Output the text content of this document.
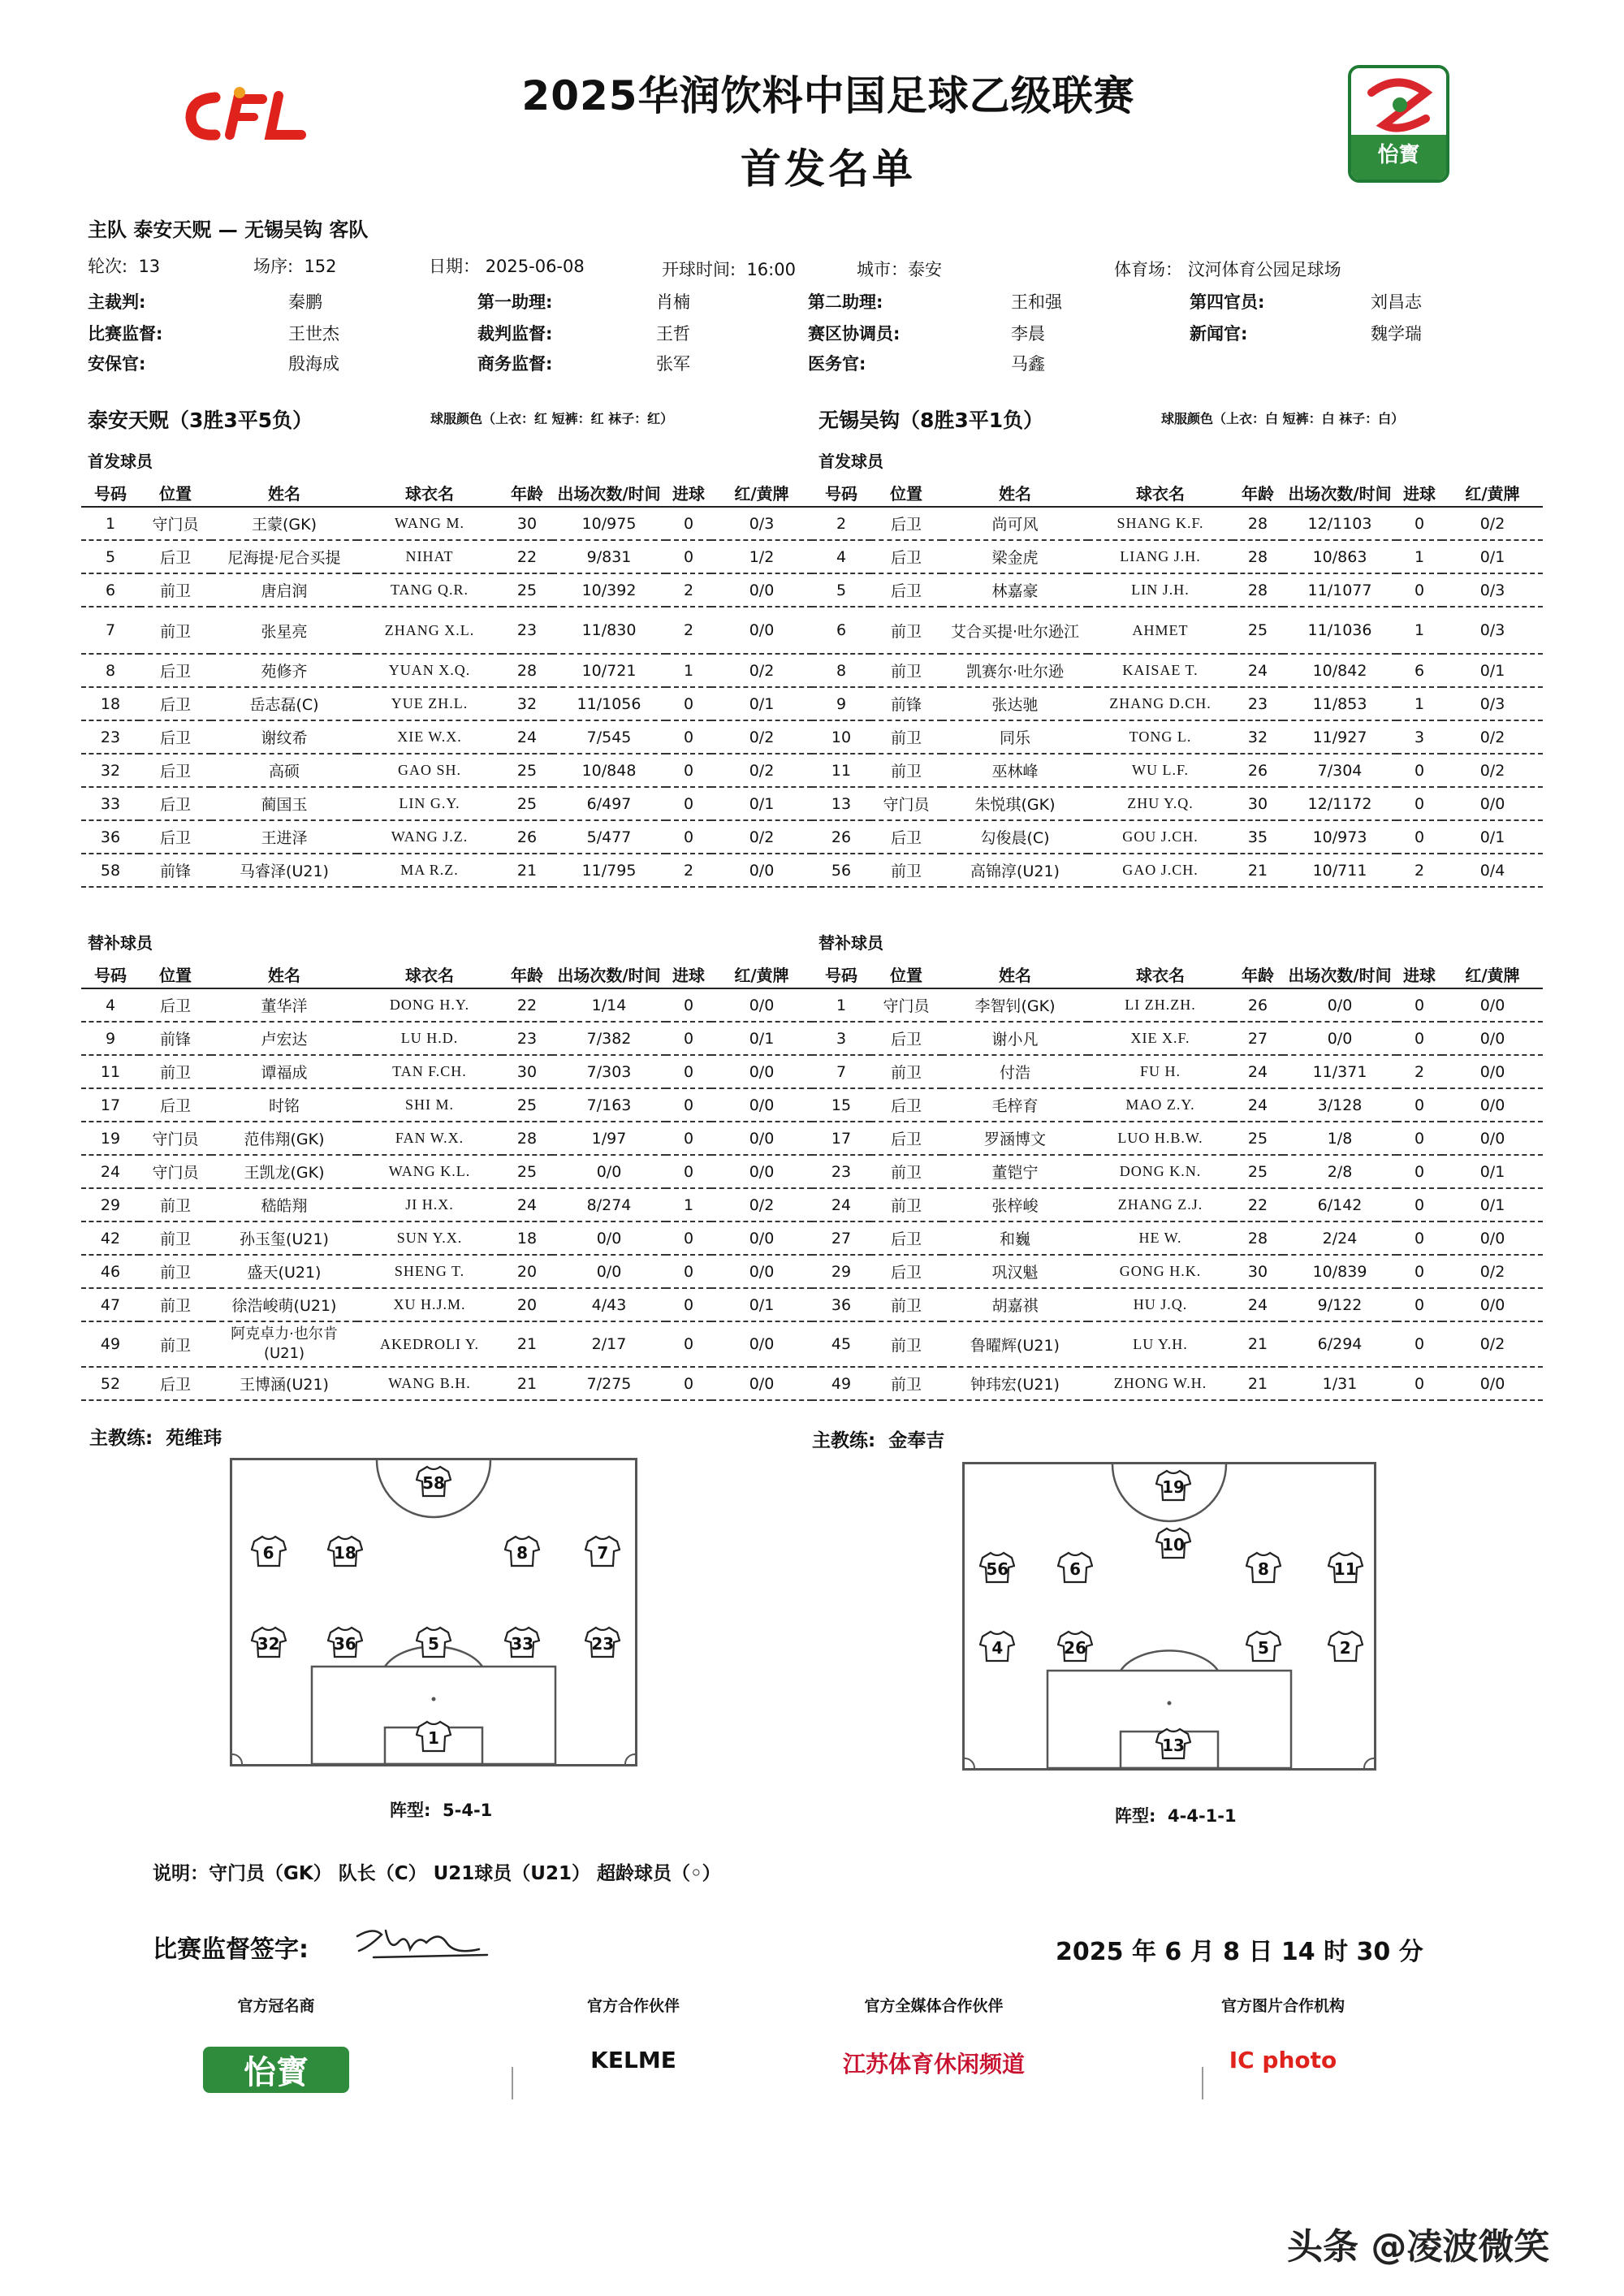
2025华润饮料中国足球乙级联赛
首发名单	怡寳
主队 泰安天贶 — 无锡吴钩 客队
轮次: 13	场序: 152	日期： 2025-06-08	开球时间: 16:00	城市：泰安	体育场： 汶河体育公园足球场
主裁判:	秦鹏	第一助理:	肖楠	第二助理:	王和强	第四官员:	刘昌志
比赛监督:	王世杰	裁判监督:	王哲	赛区协调员:	李晨	新闻官:	魏学瑞
安保官:	殷海成	商务监督:	张军	医务官:	马鑫
泰安天贶（3胜3平5负）	球服颜色（上衣：红 短裤：红 袜子：红）	无锡吴钩（8胜3平1负）	球服颜色（上衣：白 短裤：白 袜子：白）
首发球员	首发球员
替补球员	替补球员
号码	位置	姓名	球衣名	年龄	出场次数/时间	进球	红/黄牌
1	守门员	王蒙(GK)	WANG M.	30	10/975	0	0/3
5	后卫	尼海提·尼合买提	NIHAT	22	9/831	0	1/2
6	前卫	唐启润	TANG Q.R.	25	10/392	2	0/0
7	前卫	张星亮	ZHANG X.L.	23	11/830	2	0/0
8	后卫	苑修齐	YUAN X.Q.	28	10/721	1	0/2
18	后卫	岳志磊(C)	YUE ZH.L.	32	11/1056	0	0/1
23	后卫	谢纹希	XIE W.X.	24	7/545	0	0/2
32	后卫	高硕	GAO SH.	25	10/848	0	0/2
33	后卫	蔺国玉	LIN G.Y.	25	6/497	0	0/1
36	后卫	王进泽	WANG J.Z.	26	5/477	0	0/2
58	前锋	马睿泽(U21)	MA R.Z.	21	11/795	2	0/0
号码	位置	姓名	球衣名	年龄	出场次数/时间	进球	红/黄牌
2	后卫	尚可风	SHANG K.F.	28	12/1103	0	0/2
4	后卫	梁金虎	LIANG J.H.	28	10/863	1	0/1
5	后卫	林嘉豪	LIN J.H.	28	11/1077	0	0/3
6	前卫	艾合买提·吐尔逊江	AHMET	25	11/1036	1	0/3
8	前卫	凯赛尔·吐尔逊	KAISAE T.	24	10/842	6	0/1
9	前锋	张达驰	ZHANG D.CH.	23	11/853	1	0/3
10	前卫	同乐	TONG L.	32	11/927	3	0/2
11	前卫	巫林峰	WU L.F.	26	7/304	0	0/2
13	守门员	朱悦琪(GK)	ZHU Y.Q.	30	12/1172	0	0/0
26	后卫	勾俊晨(C)	GOU J.CH.	35	10/973	0	0/1
56	前卫	高锦淳(U21)	GAO J.CH.	21	10/711	2	0/4
号码	位置	姓名	球衣名	年龄	出场次数/时间	进球	红/黄牌
4	后卫	董华洋	DONG H.Y.	22	1/14	0	0/0
9	前锋	卢宏达	LU H.D.	23	7/382	0	0/1
11	前卫	谭福成	TAN F.CH.	30	7/303	0	0/0
17	后卫	时铭	SHI M.	25	7/163	0	0/0
19	守门员	范伟翔(GK)	FAN W.X.	28	1/97	0	0/0
24	守门员	王凯龙(GK)	WANG K.L.	25	0/0	0	0/0
29	前卫	嵇皓翔	JI H.X.	24	8/274	1	0/2
42	前卫	孙玉玺(U21)	SUN Y.X.	18	0/0	0	0/0
46	前卫	盛天(U21)	SHENG T.	20	0/0	0	0/0
47	前卫	徐浩峻萌(U21)	XU H.J.M.	20	4/43	0	0/1
49	前卫	阿克卓力·也尔肯(U21)	AKEDROLI Y.	21	2/17	0	0/0
52	后卫	王博涵(U21)	WANG B.H.	21	7/275	0	0/0
号码	位置	姓名	球衣名	年龄	出场次数/时间	进球	红/黄牌
1	守门员	李智钊(GK)	LI ZH.ZH.	26	0/0	0	0/0
3	后卫	谢小凡	XIE X.F.	27	0/0	0	0/0
7	前卫	付浩	FU H.	24	11/371	2	0/0
15	后卫	毛梓育	MAO Z.Y.	24	3/128	0	0/0
17	后卫	罗涵博文	LUO H.B.W.	25	1/8	0	0/0
23	前卫	董铠宁	DONG K.N.	25	2/8	0	0/1
24	前卫	张梓峻	ZHANG Z.J.	22	6/142	0	0/1
27	后卫	和巍	HE W.	28	2/24	0	0/0
29	后卫	巩汉魁	GONG H.K.	30	10/839	0	0/2
36	前卫	胡嘉祺	HU J.Q.	24	9/122	0	0/0
45	前卫	鲁曜辉(U21)	LU Y.H.	21	6/294	0	0/2
49	前卫	钟玮宏(U21)	ZHONG W.H.	21	1/31	0	0/0
主教练: 苑维玮	主教练: 金奉吉
58
6	18	8	7
32	36	5	33	23
1
19
10
56	6	8	11
4	26	5	2
13
阵型: 5-4-1	阵型: 4-4-1-1
说明：守门员（GK） 队长（C） U21球员（U21） 超龄球员（◦）
比赛监督签字:	2025 年 6 月 8 日 14 时 30 分
官方冠名商
怡寳
官方合作伙伴
KELME
官方全媒体合作伙伴
江苏体育休闲频道
官方图片合作机构
IC photo
头条 @凌波微笑
